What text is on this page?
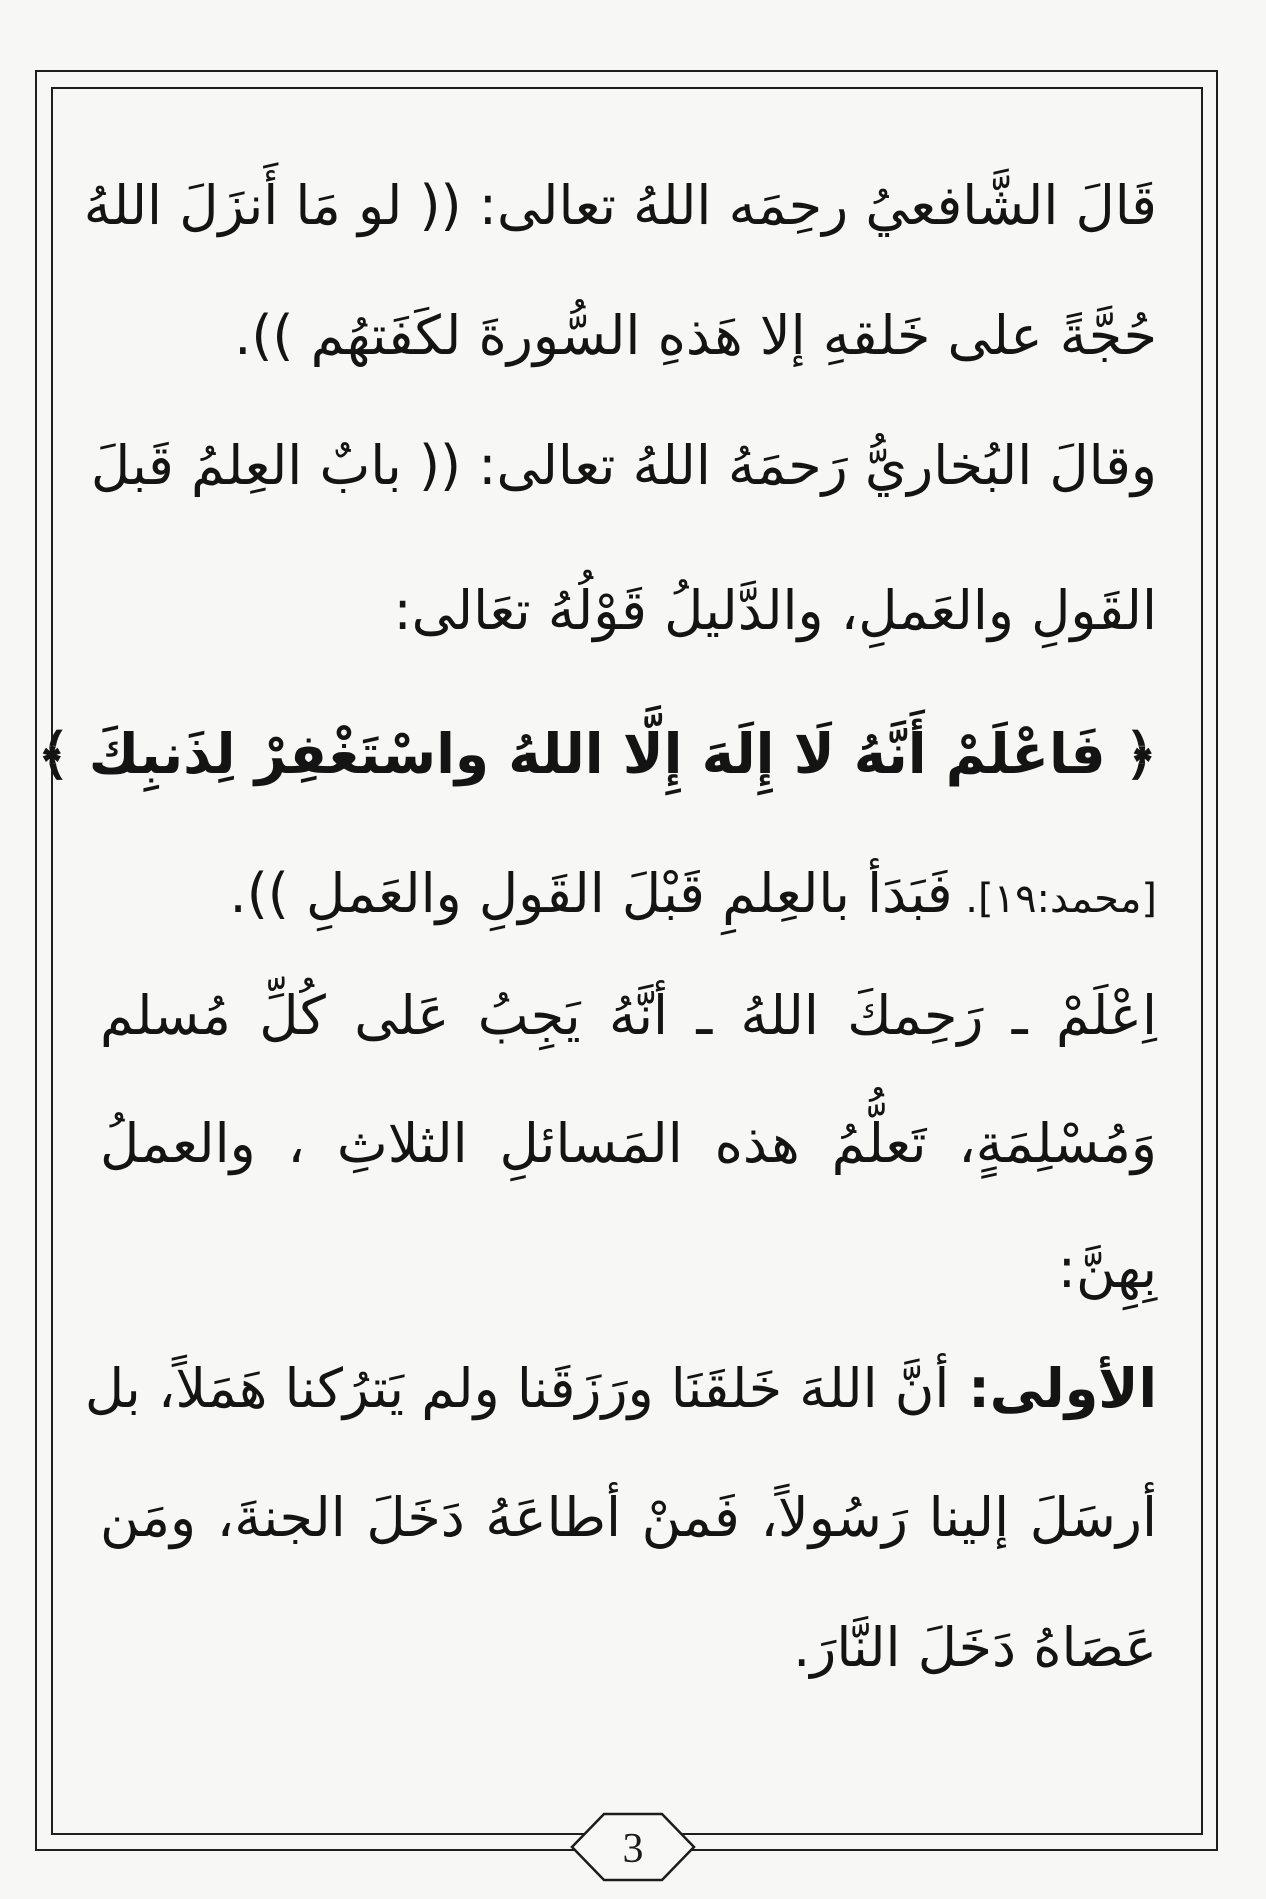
قَالَ الشَّافعيُ رحِمَه اللهُ تعالى: (( لو مَا أَنزَلَ اللهُ
حُجَّةً على خَلقهِ إلا هَذهِ السُّورةَ لكَفَتهُم )).
وقالَ البُخاريُّ رَحمَهُ اللهُ تعالى: (( بابٌ العِلمُ قَبلَ
القَولِ والعَملِ، والدَّليلُ قَوْلُهُ تعَالى:
﴿ فَاعْلَمْ أَنَّهُ لَا إِلَهَ إِلَّا اللهُ واسْتَغْفِرْ لِذَنبِكَ ﴾
[محمد:١٩]. فَبَدَأ بالعِلمِ قَبْلَ القَولِ والعَملِ )).
اِعْلَمْ ـ رَحِمكَ اللهُ ـ أنَّهُ يَجِبُ عَلى كُلِّ مُسلم
وَمُسْلِمَةٍ، تَعلُّمُ هذه المَسائلِ الثلاثِ ، والعملُ
بِهِنَّ:
الأولى: أنَّ اللهَ خَلقَنَا ورَزَقَنا ولم يَترُكنا هَمَلاً، بل
أرسَلَ إلينا رَسُولاً، فَمنْ أطاعَهُ دَخَلَ الجنةَ، ومَن
عَصَاهُ دَخَلَ النَّارَ.
3
